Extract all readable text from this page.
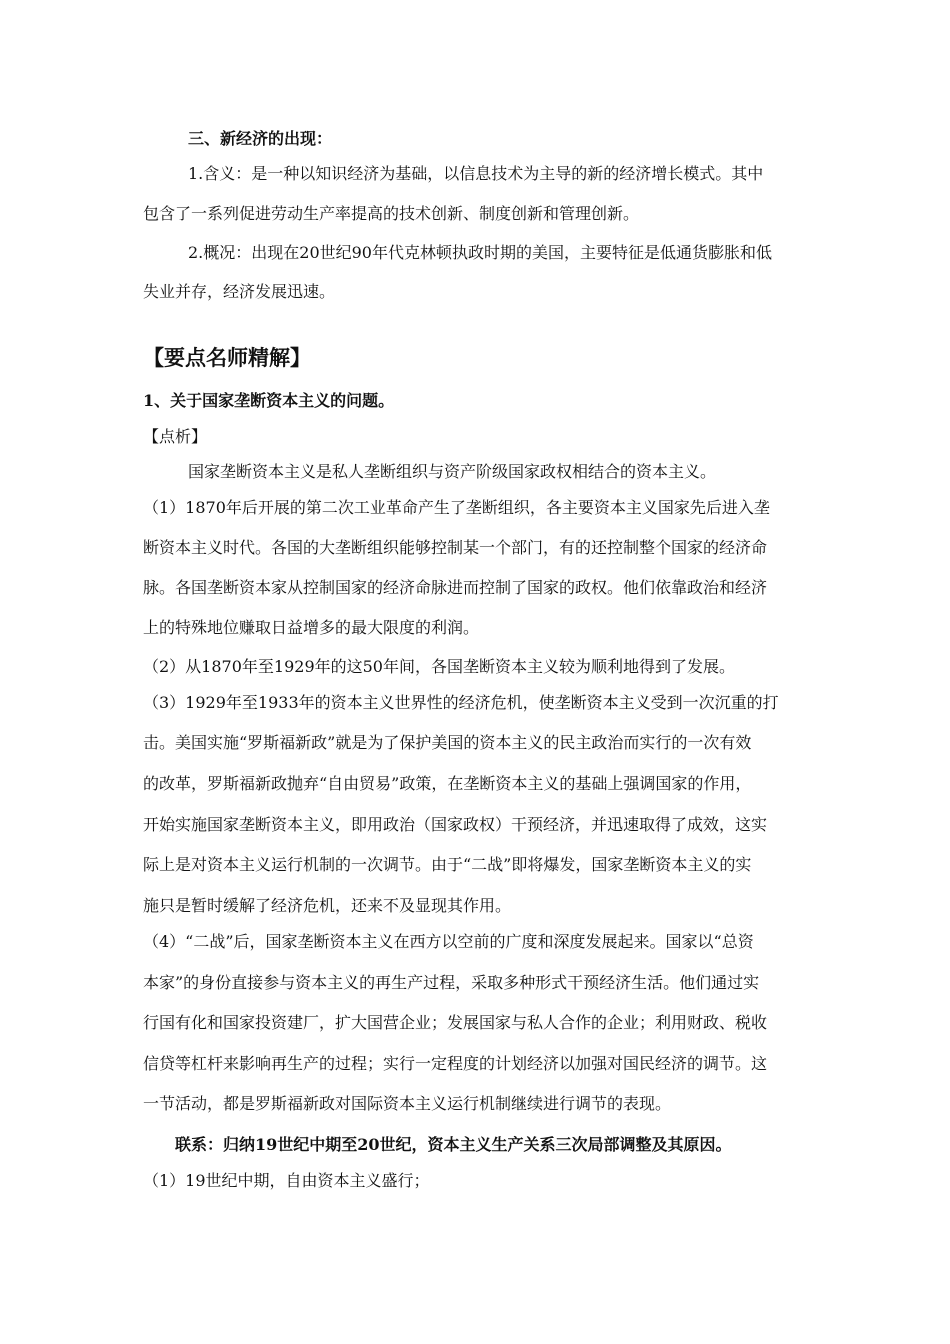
三、新经济的出现：
1.含义：是一种以知识经济为基础，以信息技术为主导的新的经济增长模式。其中
包含了一系列促进劳动生产率提高的技术创新、制度创新和管理创新。
2.概况：出现在20世纪90年代克林顿执政时期的美国，主要特征是低通货膨胀和低
失业并存，经济发展迅速。
【要点名师精解】
1、关于国家垄断资本主义的问题。
【点析】
国家垄断资本主义是私人垄断组织与资产阶级国家政权相结合的资本主义。
（1）1870年后开展的第二次工业革命产生了垄断组织，各主要资本主义国家先后进入垄
断资本主义时代。各国的大垄断组织能够控制某一个部门，有的还控制整个国家的经济命
脉。各国垄断资本家从控制国家的经济命脉进而控制了国家的政权。他们依靠政治和经济
上的特殊地位赚取日益增多的最大限度的利润。
（2）从1870年至1929年的这50年间，各国垄断资本主义较为顺利地得到了发展。
（3）1929年至1933年的资本主义世界性的经济危机，使垄断资本主义受到一次沉重的打
击。美国实施“罗斯福新政”就是为了保护美国的资本主义的民主政治而实行的一次有效
的改革，罗斯福新政抛弃“自由贸易”政策，在垄断资本主义的基础上强调国家的作用，
开始实施国家垄断资本主义，即用政治（国家政权）干预经济，并迅速取得了成效，这实
际上是对资本主义运行机制的一次调节。由于“二战”即将爆发，国家垄断资本主义的实
施只是暂时缓解了经济危机，还来不及显现其作用。
（4）“二战”后，国家垄断资本主义在西方以空前的广度和深度发展起来。国家以“总资
本家”的身份直接参与资本主义的再生产过程，采取多种形式干预经济生活。他们通过实
行国有化和国家投资建厂，扩大国营企业；发展国家与私人合作的企业；利用财政、税收
信贷等杠杆来影响再生产的过程；实行一定程度的计划经济以加强对国民经济的调节。这
一节活动，都是罗斯福新政对国际资本主义运行机制继续进行调节的表现。
联系：归纳19世纪中期至20世纪，资本主义生产关系三次局部调整及其原因。
（1）19世纪中期，自由资本主义盛行；
